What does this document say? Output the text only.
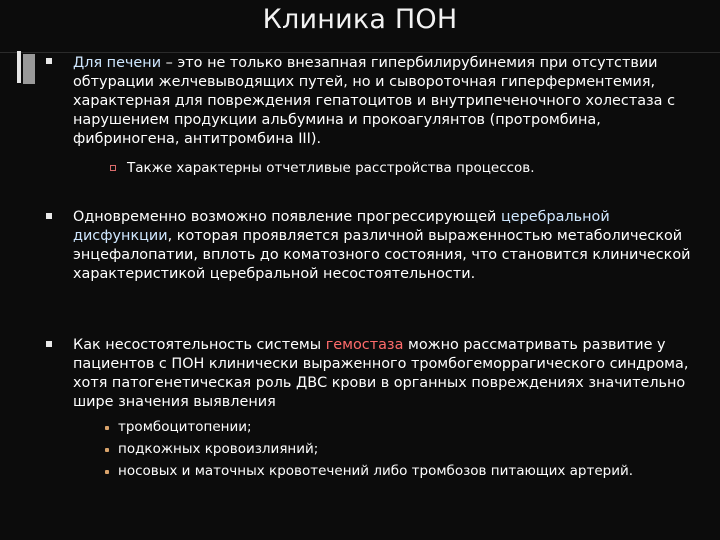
Клиника ПОН
Для печени – это не только внезапная гипербилирубинемия при отсутствии обтурации желчевыводящих путей, но и сывороточная гиперферментемия, характерная для повреждения гепатоцитов и внутрипеченочного холестаза с нарушением продукции альбумина и прокоагулянтов (протромбина, фибриногена, антитромбина III).
Также характерны отчетливые расстройства процессов.
Одновременно возможно появление прогрессирующей церебральной дисфункции, которая проявляется различной выраженностью метаболической энцефалопатии, вплоть до коматозного состояния, что становится клинической характеристикой церебральной несостоятельности.
Как несостоятельность системы гемостаза можно рассматривать развитие у пациентов с ПОН клинически выраженного тромбогеморрагического синдрома, хотя патогенетическая роль ДВС крови в органных повреждениях значительно шире значения выявления
тромбоцитопении;
подкожных кровоизлияний;
носовых и маточных кровотечений либо тромбозов питающих артерий.
